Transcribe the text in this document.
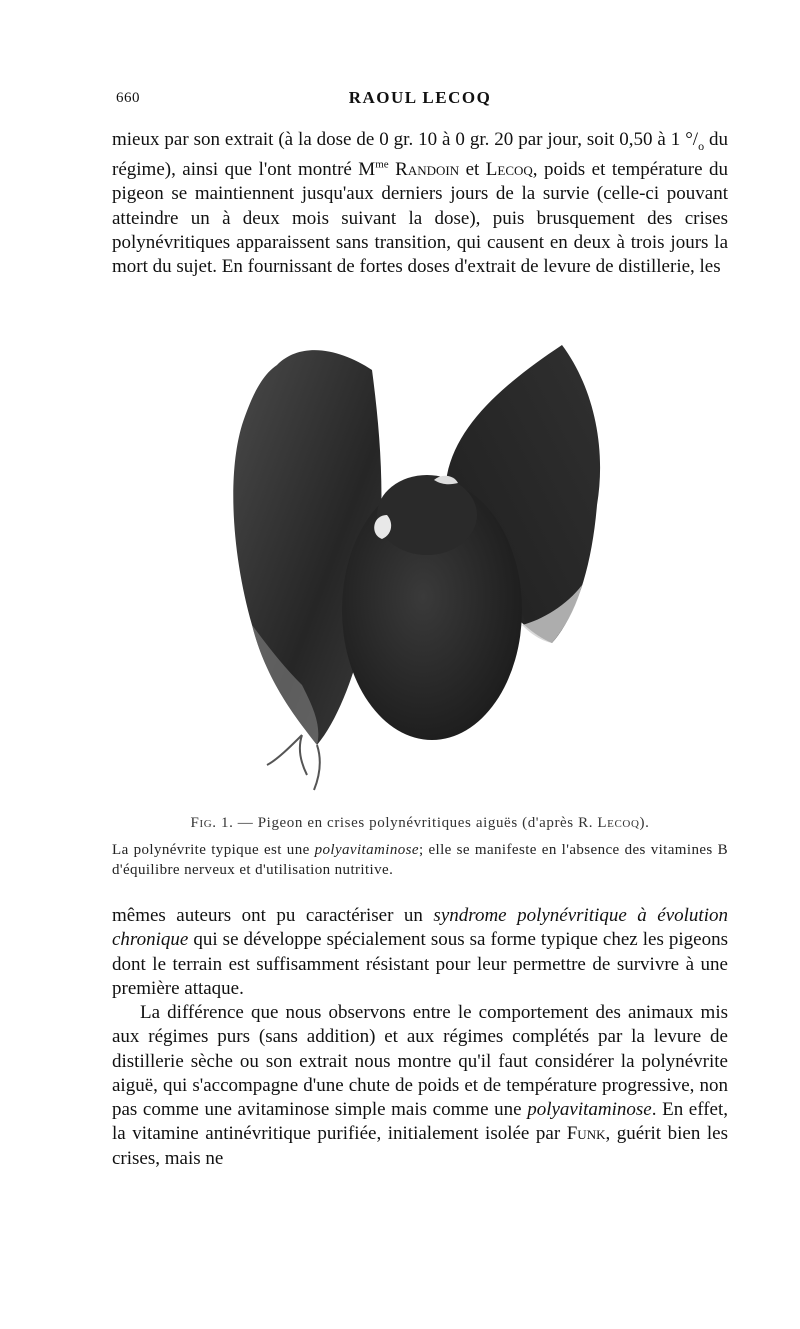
660	RAOUL LECOQ

mieux par son extrait (à la dose de 0 gr. 10 à 0 gr. 20 par jour, soit 0,50 à 1 $^\circ/_o$ du régime), ainsi que l'ont montré $M^{me}$ Randoin et Lecoq, poids et température du pigeon se maintiennent jusqu'aux derniers jours de la survie (celle-ci pouvant atteindre un à deux mois suivant la dose), puis brusquement des crises polynévritiques apparaissent sans transition, qui causent en deux à trois jours la mort du sujet. En fournissant de fortes doses d'extrait de levure de distillerie, les

Fig. 1. — Pigeon en crises polynévritiques aiguës (d'après R. Lecoq).

La polynévrite typique est une polyavitaminose; elle se manifeste en l'absence des vitamines B d'équilibre nerveux et d'utilisation nutritive.

mêmes auteurs ont pu caractériser un syndrome polynévritique à évolution chronique qui se développe spécialement sous sa forme typique chez les pigeons dont le terrain est suffisamment résistant pour leur permettre de survivre à une première attaque.

La différence que nous observons entre le comportement des animaux mis aux régimes purs (sans addition) et aux régimes complétés par la levure de distillerie sèche ou son extrait nous montre qu'il faut considérer la polynévrite aiguë, qui s'accompagne d'une chute de poids et de température progressive, non pas comme une avitaminose simple mais comme une polyavitaminose. En effet, la vitamine antinévritique purifiée, initialement isolée par Funk, guérit bien les crises, mais ne
